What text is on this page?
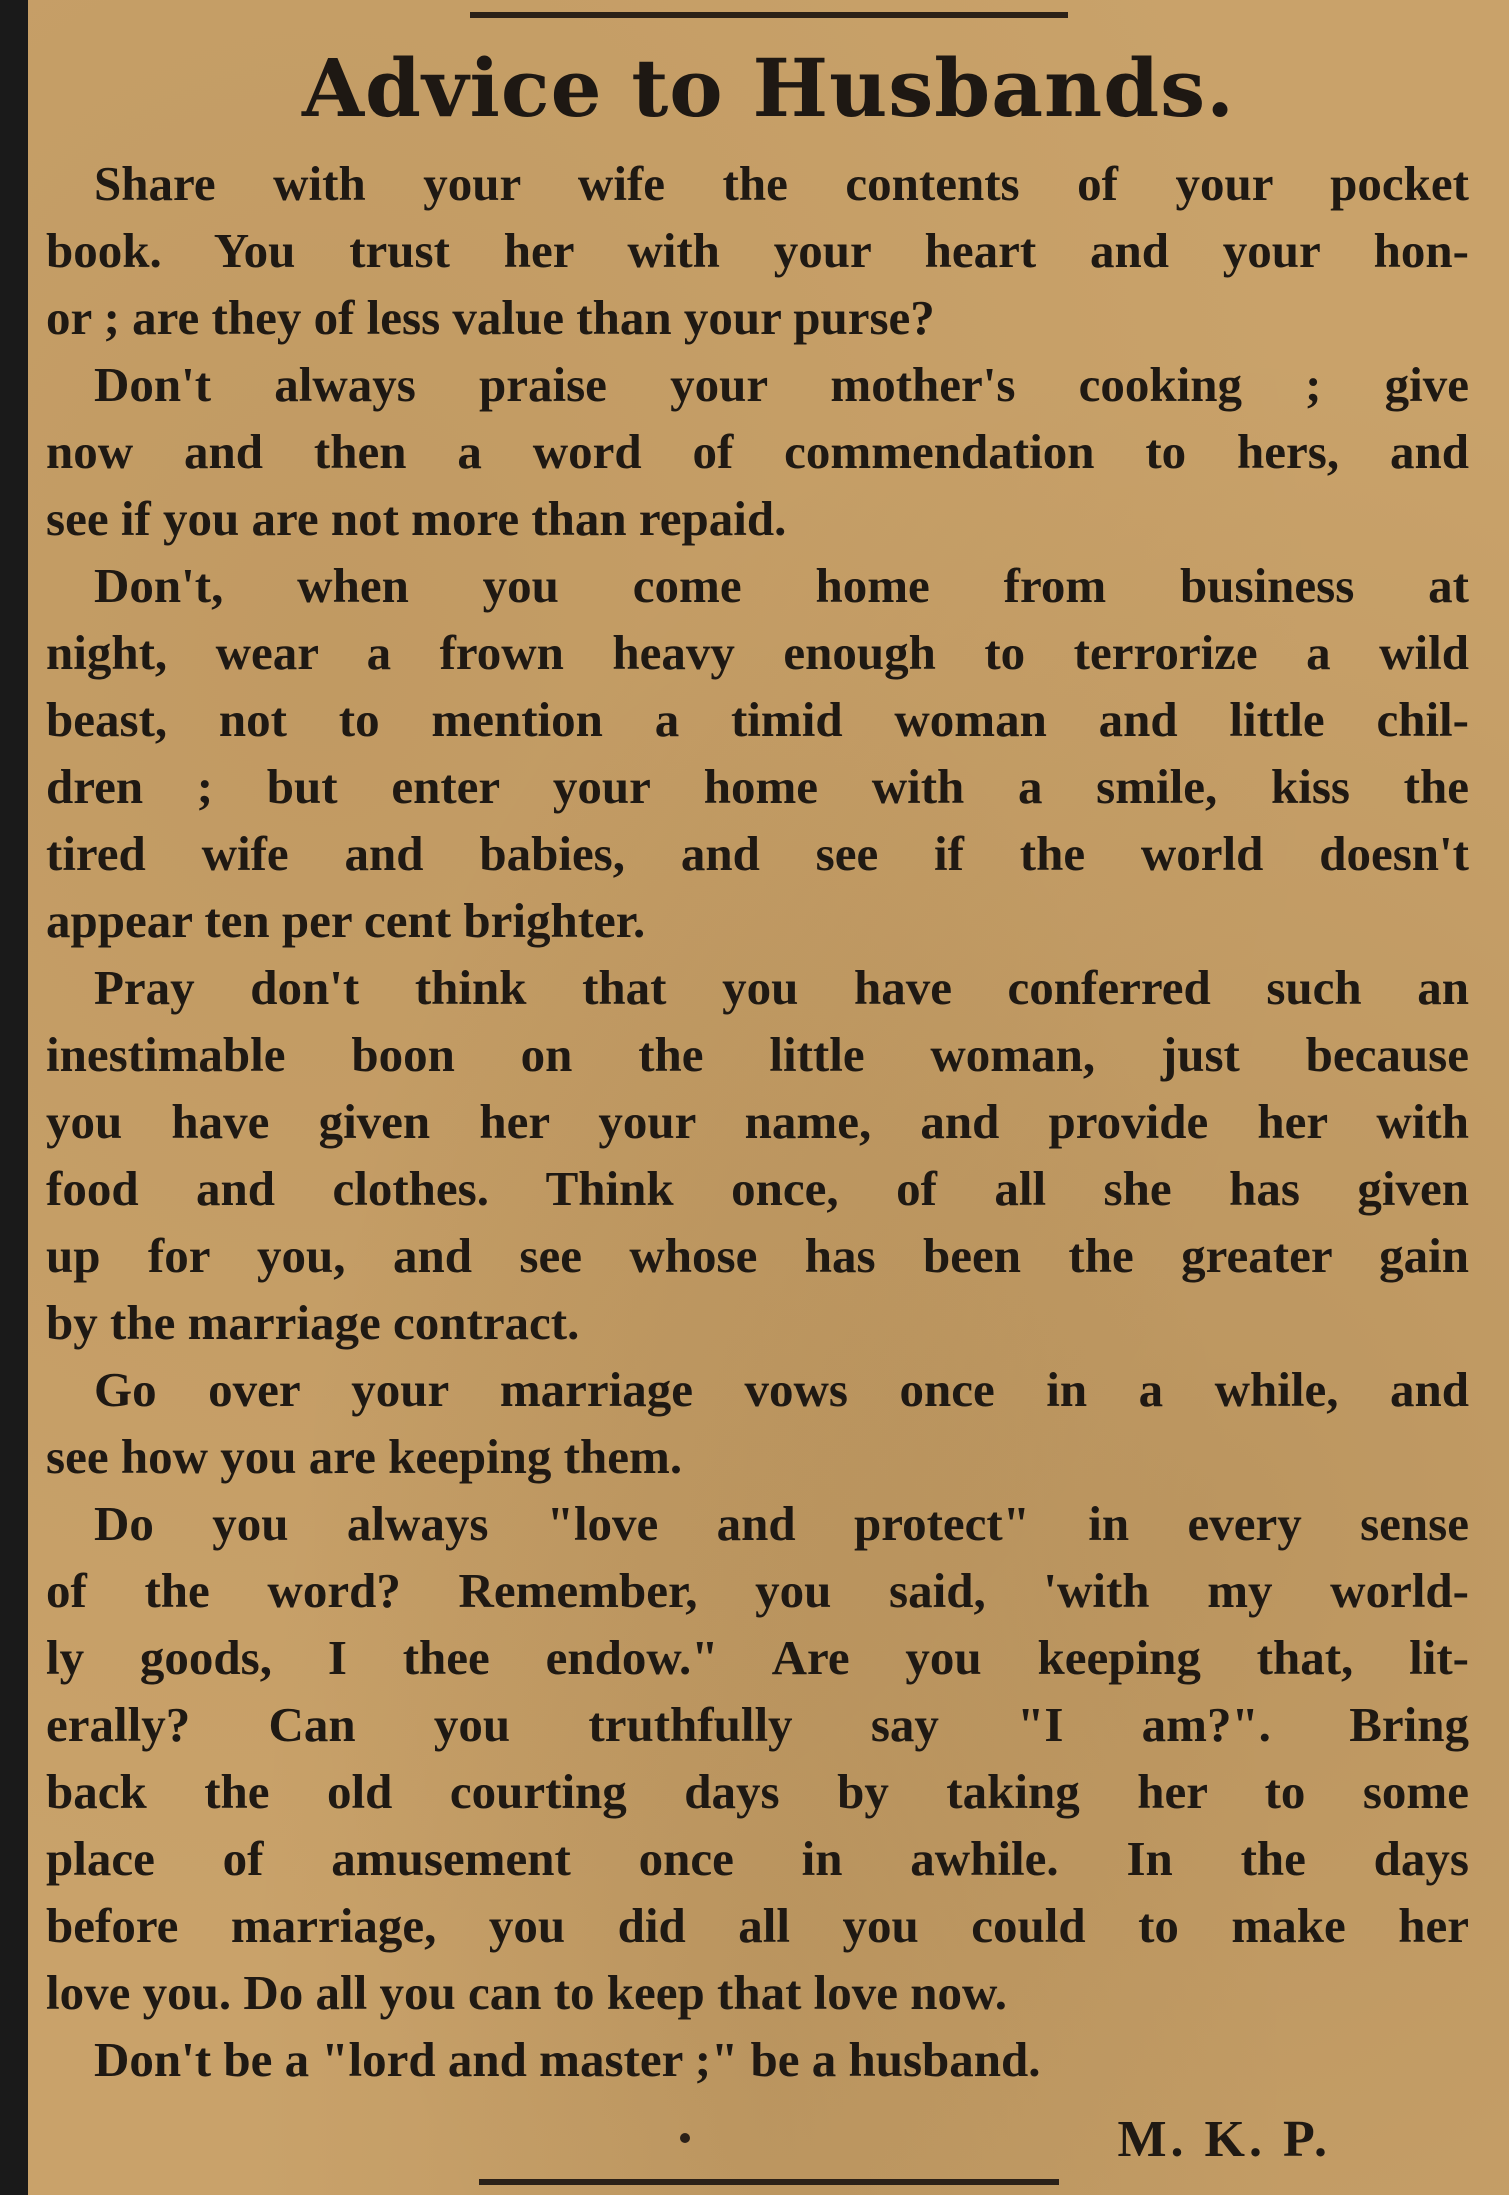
Advice to Husbands.

Share with your wife the contents of your pocket
book. You trust her with your heart and your hon-
or ; are they of less value than your purse?

Don't always praise your mother's cooking ; give
now and then a word of commendation to hers, and
see if you are not more than repaid.

Don't, when you come home from business at
night, wear a frown heavy enough to terrorize a wild
beast, not to mention a timid woman and little chil-
dren ; but enter your home with a smile, kiss the
tired wife and babies, and see if the world doesn't
appear ten per cent brighter.

Pray don't think that you have conferred such an
inestimable boon on the little woman, just because
you have given her your name, and provide her with
food and clothes. Think once, of all she has given
up for you, and see whose has been the greater gain
by the marriage contract.

Go over your marriage vows once in a while, and
see how you are keeping them.

Do you always "love and protect" in every sense
of the word? Remember, you said, 'with my world-
ly goods, I thee endow." Are you keeping that, lit-
erally? Can you truthfully say "I am?". Bring
back the old courting days by taking her to some
place of amusement once in awhile. In the days
before marriage, you did all you could to make her
love you. Do all you can to keep that love now.

Don't be a "lord and master ;" be a husband.

M. K. P.
